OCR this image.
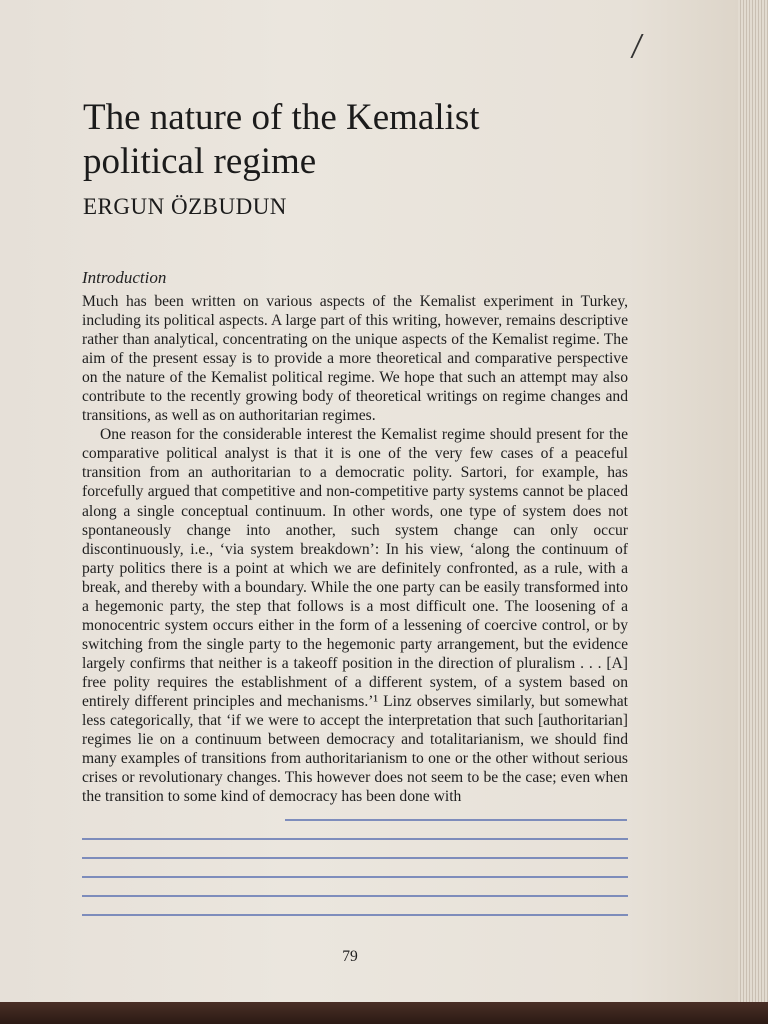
The nature of the Kemalist
political regime
ERGUN ÖZBUDUN
Introduction

Much has been written on various aspects of the Kemalist experiment in Turkey, including its political aspects. A large part of this writing, however, remains descriptive rather than analytical, concentrating on the unique aspects of the Kemalist regime. The aim of the present essay is to provide a more theoretical and comparative perspective on the nature of the Kemalist political regime. We hope that such an attempt may also contribute to the recently growing body of theoretical writings on regime changes and transitions, as well as on authoritarian regimes.

One reason for the considerable interest the Kemalist regime should present for the comparative political analyst is that it is one of the very few cases of a peaceful transition from an authoritarian to a democratic polity. Sartori, for example, has forcefully argued that competitive and non-competitive party systems cannot be placed along a single conceptual continuum. In other words, one type of system does not spontaneously change into another, such system change can only occur discontinuously, i.e., ‘via system breakdown’: In his view, ‘along the continuum of party politics there is a point at which we are definitely confronted, as a rule, with a break, and thereby with a boundary. While the one party can be easily transformed into a hegemonic party, the step that follows is a most difficult one. The loosening of a monocentric system occurs either in the form of a lessening of coercive control, or by switching from the single party to the hegemonic party arrangement, but the evidence largely confirms that neither is a takeoff position in the direction of pluralism . . . [A] free polity requires the establishment of a different system, of a system based on entirely different principles and mechanisms.’¹ Linz observes similarly, but somewhat less categorically, that ‘if we were to accept the interpretation that such [authoritarian] regimes lie on a continuum between democracy and totalitarianism, we should find many examples of transitions from authoritarianism to one or the other without serious crises or revolutionary changes. This however does not seem to be the case; even when the transition to some kind of democracy has been done with

79
